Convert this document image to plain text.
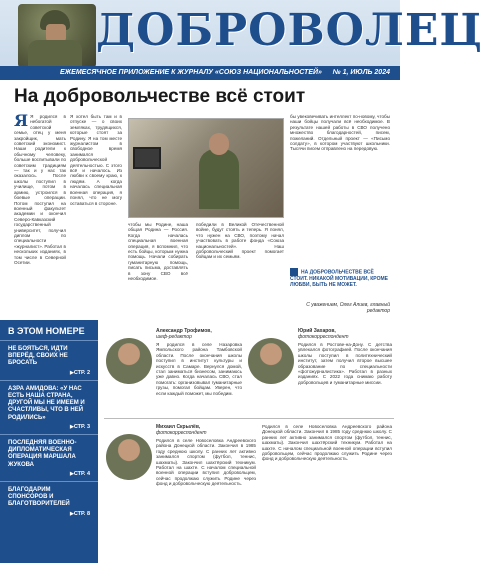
ДОБРОВОЛЕЦ
ЕЖЕМЕСЯЧНОЕ ПРИЛОЖЕНИЕ К ЖУРНАЛУ «СОЮЗ НАЦИОНАЛЬНОСТЕЙ» № 1, ИЮЛЬ 2024
На добровольчестве всё стоит
Я Я родился в небогатой советской семье, отец у меня закройщик, мать советский экономист. Наши родители к обычному человеку, больше воспитывали по советским традициям — так и у нас так оказалось. После школы поступил в училище, потом в армию, устроился в боевые операции. Потом поступил на военный факультет академии и окончил Северо-Кавказский государственный университет, получил диплом по специальности «журналист». Работал в нескольких изданиях, в том числе в Северной Осетии.
Я хотел быть там и в отпуске — о своих земляках, трудящихся, которые стоят за Родину. Я на том месте журналистом в свободное время занимался добровольческой деятельностью. С этого всё и началось. Из любви к своему краю, к людям. А когда началась специальная военная операция, я понял, что не могу оставаться в стороне.
чтобы мы Родине, наша общая Родина — Россия. Когда началась специальная военная операция, я вспомнил, что есть бойцы, которым нужна помощь. Начали собирать гуманитарную помощь, писать письма, доставлять в зону СВО всё необходимое.
победили в Великой Отечественной войне, будут стоять и теперь. Я понял, что нужен на СВО, поэтому начал участвовать в работе фонда «Союза национальностей». Наш добровольческий проект помогает бойцам и их семьям.
бы увековечивать интеллект по-новому, чтобы наши бойцы получали всё необходимое. В результате нашей работы в СВО получено множество благодарностей, писем, пожеланий. Отдельный проект — «Письмо солдату», в котором участвуют школьники. Тысячи писем отправлено на передовую.
НА ДОБРОВОЛЬЧЕСТВЕ ВСЁ СТОИТ. НИКАКОЙ МОТИВАЦИИ, КРОМЕ ЛЮБВИ, БЫТЬ НЕ МОЖЕТ.
С уважением, Олег Алиев, главный редактор
В ЭТОМ НОМЕРЕ
НЕ БОЯТЬСЯ, ИДТИ ВПЕРЁД, СВОИХ НЕ БРОСАТЬ
▶ СТР. 2
АЗРА АМИДОВА: «У НАС ЕСТЬ НАША СТРАНА, ДРУГОЙ МЫ НЕ ИМЕЕМ И СЧАСТЛИВЫ, ЧТО В НЕЙ РОДИЛИСЬ»
▶ СТР. 3
ПОСЛЕДНЯЯ ВОЕННО-ДИПЛОМАТИЧЕСКАЯ ОПЕРАЦИЯ МАРШАЛА ЖУКОВА
▶ СТР. 4
БЛАГОДАРИМ СПОНСОРОВ И БЛАГОТВОРИТЕЛЕЙ
▶ СТР. 8
Александр Трофимов,
шеф-редактор
Я родился в селе Назаровка Ямпольского района Тамбовской области. После окончания школы поступил в институт культуры и искусств в Самаре. Вернулся домой, стал заниматься бизнесом, занимаюсь уже давно. Когда началась СВО, стал помогать: организовывал гуманитарные грузы, помогал бойцам. Уверен, что если каждый поможет, мы победим.
Юрий Захаров,
фотокорреспондент
Родился в Ростове-на-Дону. С детства увлекался фотографией. После окончания школы поступил в политехнический институт, затем получил второе высшее образование по специальности «фотожурналистика». Работал в разных изданиях. С 2022 года снимаю работу добровольцев и гуманитарные миссии.
Михаил Скрылёв,
фотокорреспондент
Родился в селе Новоселовка Андреевского района Донецкой области. Закончил в 1985 году среднюю школу. С ранних лет активно занимался спортом (футбол, теннис, шахматы). Закончил шахтёрский техникум. Работал на шахте. С началом специальной военной операции вступил добровольцем, сейчас продолжаю служить Родине через фонд и добровольческую деятельность.
Родился в селе Новоселовка Андреевского района Донецкой области. Закончил в 1985 году среднюю школу. С ранних лет активно занимался спортом (футбол, теннис, шахматы). Закончил шахтёрский техникум. Работал на шахте. С началом специальной военной операции вступил добровольцем, сейчас продолжаю служить Родине через фонд и добровольческую деятельность.
